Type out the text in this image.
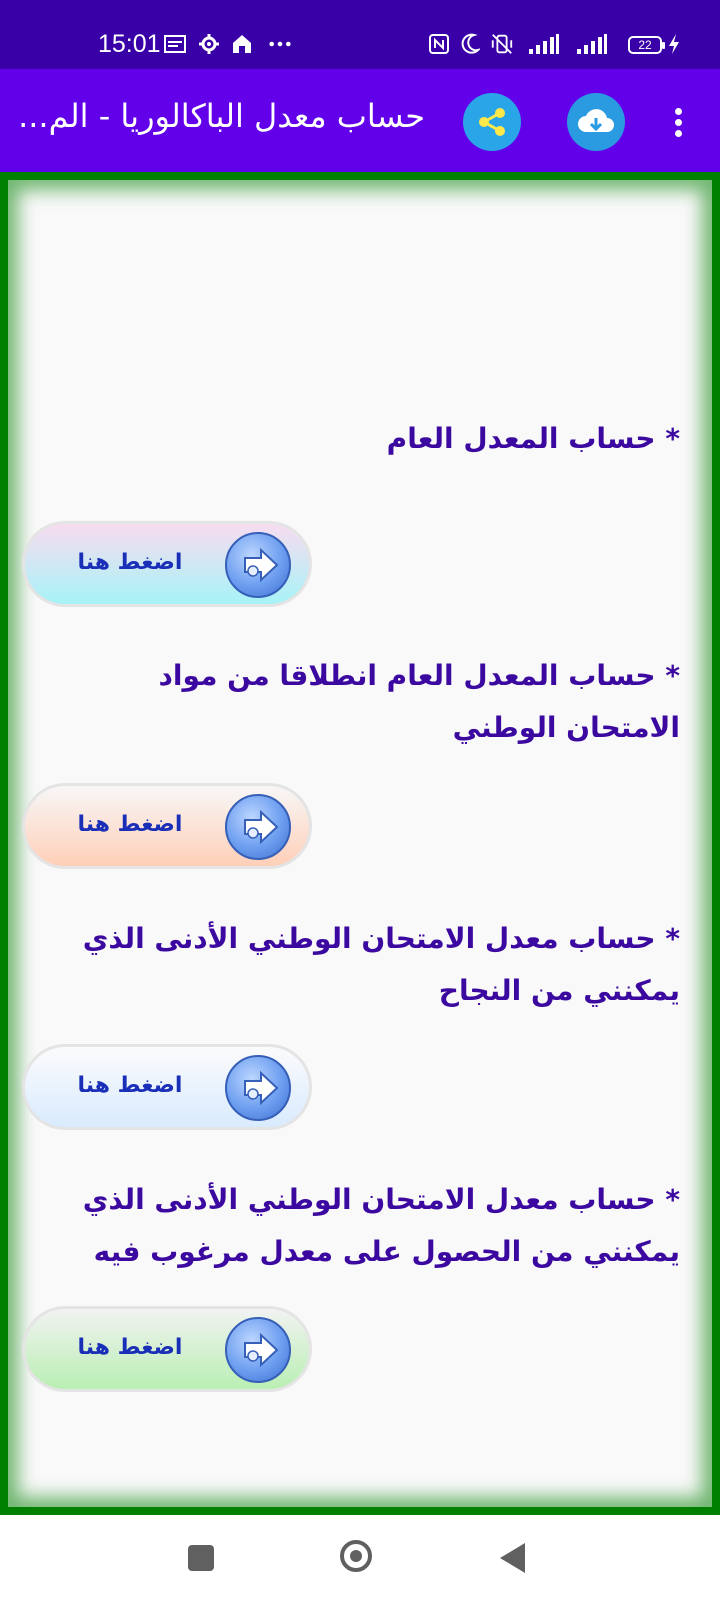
15:01	22
حساب معدل الباكالوريا - الم...
* حساب المعدل العام
اضغط هنا
* حساب المعدل العام انطلاقا من مواد الامتحان الوطني
اضغط هنا
* حساب معدل الامتحان الوطني الأدنى الذي يمكنني من النجاح
اضغط هنا
* حساب معدل الامتحان الوطني الأدنى الذي يمكنني من الحصول على معدل مرغوب فيه
اضغط هنا
